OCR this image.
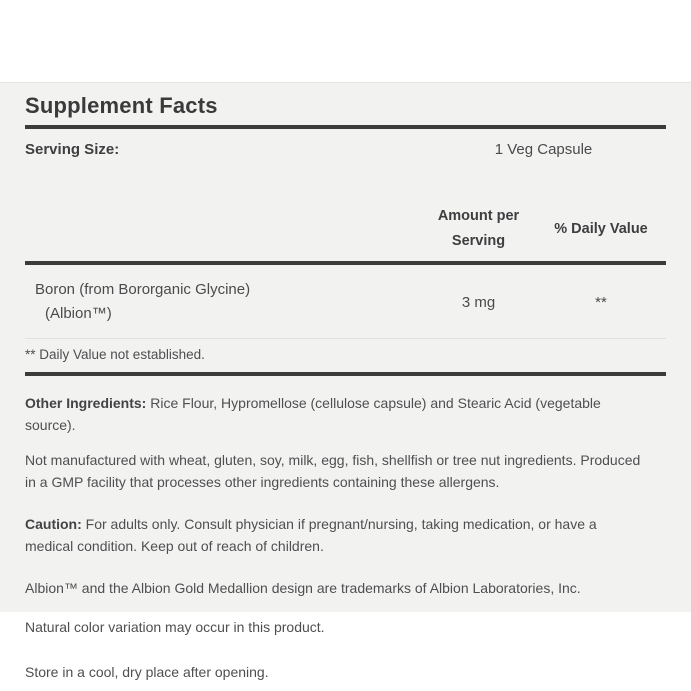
Supplement Facts
Serving Size:	1 Veg Capsule
Amount per
Serving
% Daily Value
Boron (from Bororganic Glycine)
(Albion™)
3 mg	**
** Daily Value not established.

Other Ingredients: Rice Flour, Hypromellose (cellulose capsule) and Stearic Acid (vegetable source).

Not manufactured with wheat, gluten, soy, milk, egg, fish, shellfish or tree nut ingredients. Produced in a GMP facility that processes other ingredients containing these allergens.

Caution: For adults only. Consult physician if pregnant/nursing, taking medication, or have a medical condition. Keep out of reach of children.

Albion™ and the Albion Gold Medallion design are trademarks of Albion Laboratories, Inc.

Natural color variation may occur in this product.

Store in a cool, dry place after opening.
